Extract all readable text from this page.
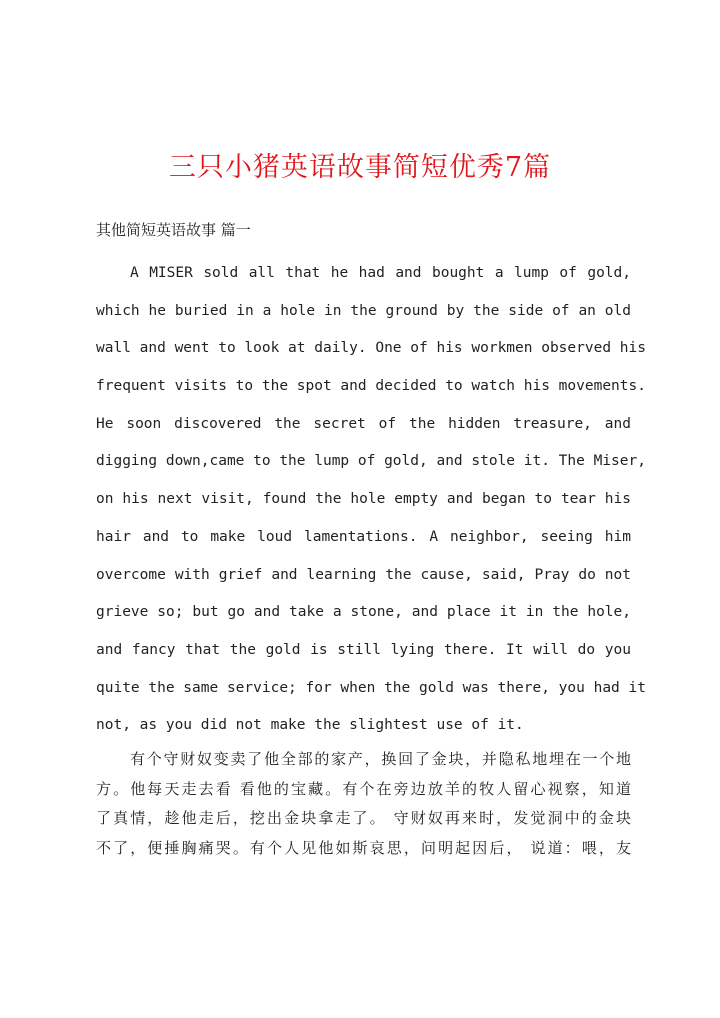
三只小猪英语故事简短优秀7篇

其他简短英语故事 篇一

A MISER sold all that he had and bought a lump of gold,
which he buried in a hole in the ground by the side of an old
wall and went to look at daily. One of his workmen observed his
frequent visits to the spot and decided to watch his movements.
He soon discovered the secret of the hidden treasure, and
digging down,came to the lump of gold, and stole it. The Miser,
on his next visit, found the hole empty and began to tear his
hair and to make loud lamentations. A neighbor, seeing him
overcome with grief and learning the cause, said, Pray do not
grieve so; but go and take a stone, and place it in the hole,
and fancy that the gold is still lying there. It will do you
quite the same service; for when the gold was there, you had it
not, as you did not make the slightest use of it.
有个守财奴变卖了他全部的家产，换回了金块，并隐私地埋在一个地
方。他每天走去看 看他的宝藏。有个在旁边放羊的牧人留心视察，知道
了真情，趁他走后，挖出金块拿走了。 守财奴再来时，发觉洞中的金块
不了，便捶胸痛哭。有个人见他如斯哀思，问明起因后， 说道：喂，友
